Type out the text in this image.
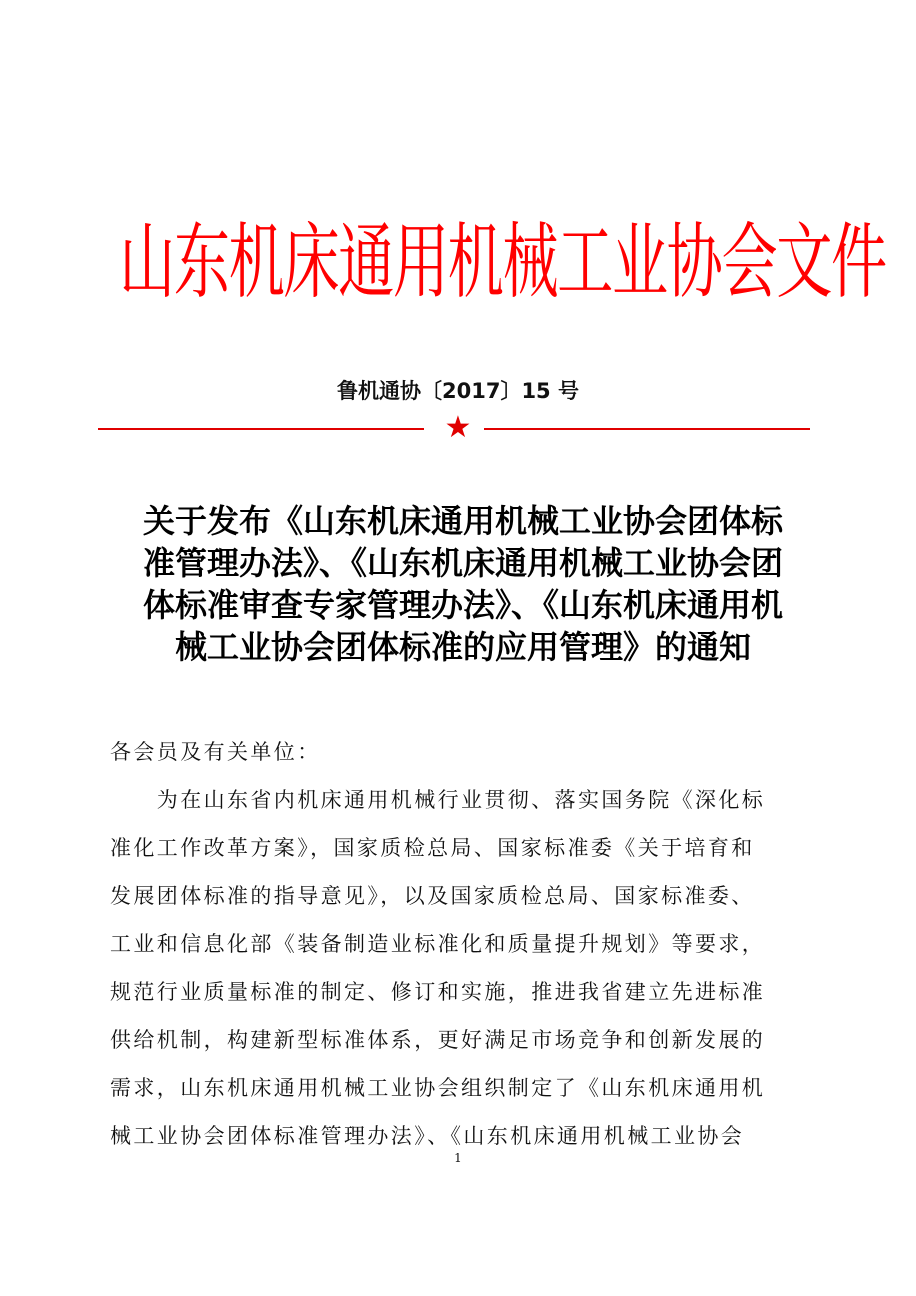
山东机床通用机械工业协会文件
鲁机通协〔2017〕15 号
★
关于发布《山东机床通用机械工业协会团体标
准管理办法》、《山东机床通用机械工业协会团
体标准审查专家管理办法》、《山东机床通用机
械工业协会团体标准的应用管理》的通知

各会员及有关单位：

　　为在山东省内机床通用机械行业贯彻、落实国务院《深化标

准化工作改革方案》，国家质检总局、国家标准委《关于培育和

发展团体标准的指导意见》，以及国家质检总局、国家标准委、

工业和信息化部《装备制造业标准化和质量提升规划》等要求，

规范行业质量标准的制定、修订和实施，推进我省建立先进标准

供给机制，构建新型标准体系，更好满足市场竞争和创新发展的

需求，山东机床通用机械工业协会组织制定了《山东机床通用机

械工业协会团体标准管理办法》、《山东机床通用机械工业协会

1
